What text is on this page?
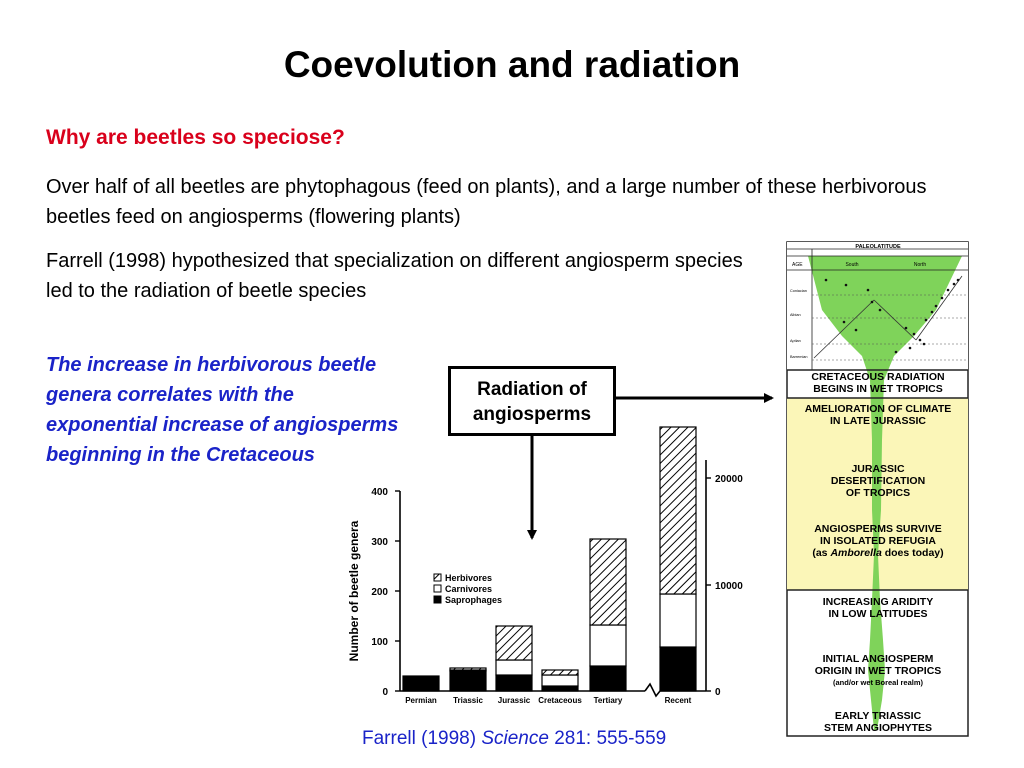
Coevolution and radiation
Why are beetles so speciose?
Over half of all beetles are phytophagous (feed on plants), and a large number of these herbivorous beetles feed on angiosperms (flowering plants)
Farrell (1998) hypothesized that specialization on different angiosperm species led to the radiation of beetle species
The increase in herbivorous beetle genera correlates with the exponential increase of angiosperms beginning in the Cretaceous
Radiation of angiosperms
0
100
200
300
400
Number of beetle genera
0
10000
20000
Permian Triassic Jurassic Cretaceous Tertiary	Recent
Herbivores
Carnivores
Saprophages
PALEOLATITUDE
AGE	South	North
Coniacian
Albian
Aptian
Barremian
CRETACEOUS RADIATION
BEGINS IN WET TROPICS
AMELIORATION OF CLIMATE
IN LATE JURASSIC
JURASSIC
DESERTIFICATION
OF TROPICS
ANGIOSPERMS SURVIVE
IN ISOLATED REFUGIA
INCREASING ARIDITY
IN LOW LATITUDES
INITIAL ANGIOSPERM
ORIGIN IN WET TROPICS
EARLY TRIASSIC
STEM ANGIOPHYTES
(as Amborella does today)
(and/or wet Boreal realm)
Farrell (1998) Science 281: 555-559
